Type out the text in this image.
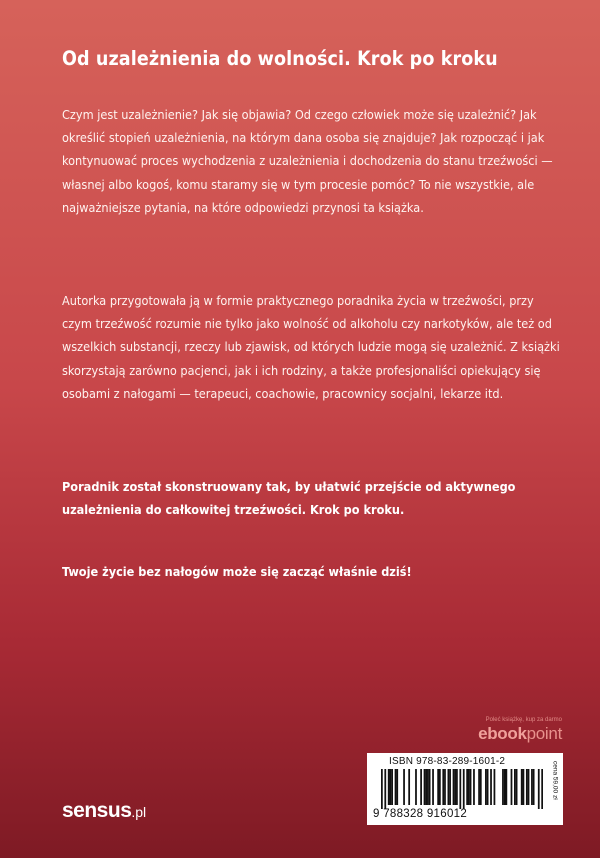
Od uzależnienia do wolności. Krok po kroku

Czym jest uzależnienie? Jak się objawia? Od czego człowiek może się uzależnić? Jak określić stopień uzależnienia, na którym dana osoba się znajduje? Jak rozpocząć i jak kontynuować proces wychodzenia z uzależnienia i dochodzenia do stanu trzeźwości — własnej albo kogoś, komu staramy się w tym procesie pomóc? To nie wszystkie, ale najważniejsze pytania, na które odpowiedzi przynosi ta książka.

Autorka przygotowała ją w formie praktycznego poradnika życia w trzeźwości, przy czym trzeźwość rozumie nie tylko jako wolność od alkoholu czy narkotyków, ale też od wszelkich substancji, rzeczy lub zjawisk, od których ludzie mogą się uzależnić. Z książki skorzystają zarówno pacjenci, jak i ich rodziny, a także profesjonaliści opiekujący się osobami z nałogami — terapeuci, coachowie, pracownicy socjalni, lekarze itd.

Poradnik został skonstruowany tak, by ułatwić przejście od aktywnego uzależnienia do całkowitej trzeźwości. Krok po kroku.

Twoje życie bez nałogów może się zacząć właśnie dziś!

Poleć książkę, kup za darmo
ebookpoint
ISBN 978-83-289-1601-2
9 788328 916012
cena 59,00 zł
sensus.pl
